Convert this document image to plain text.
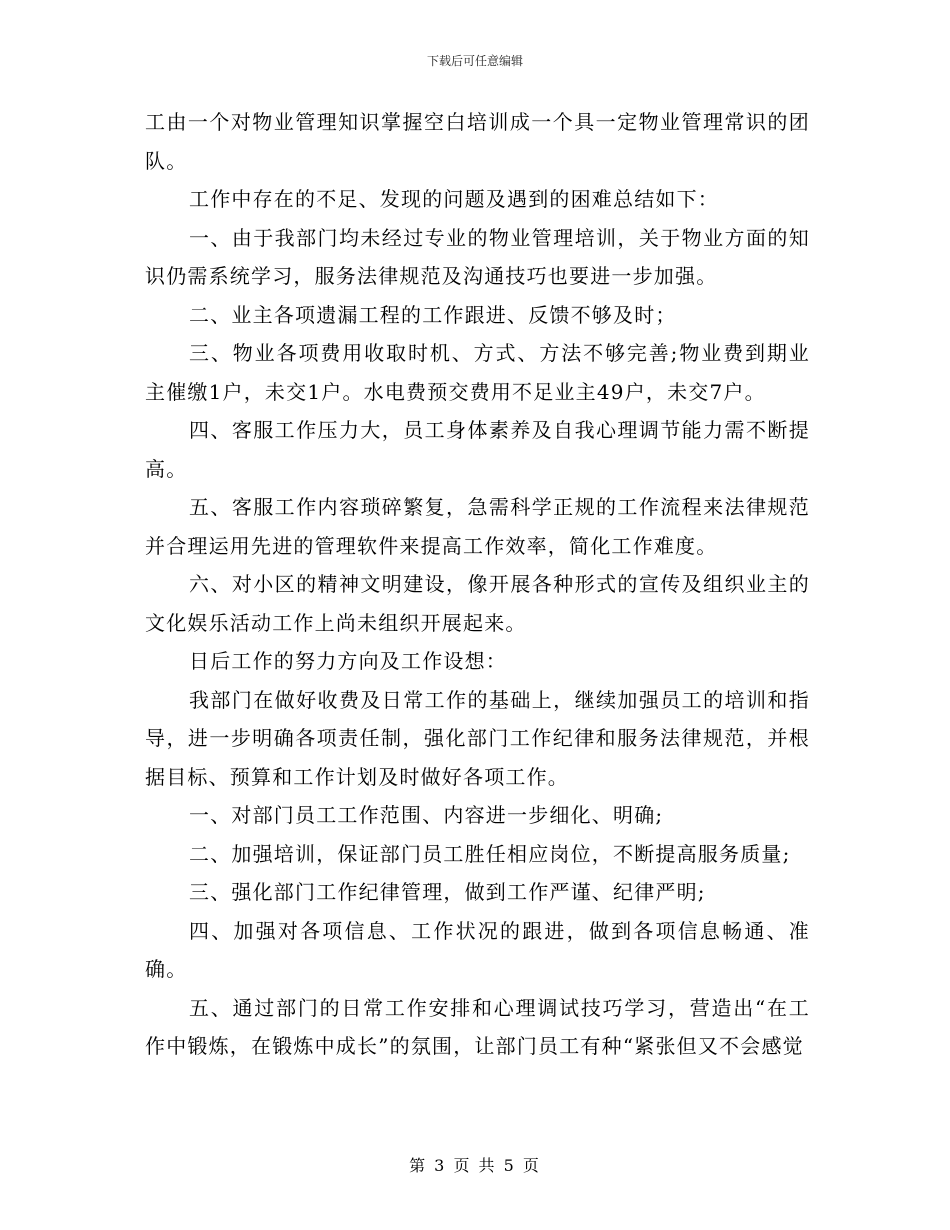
下载后可任意编辑

工由一个对物业管理知识掌握空白培训成一个具一定物业管理常识的团队。

工作中存在的不足、发现的问题及遇到的困难总结如下：

一、由于我部门均未经过专业的物业管理培训，关于物业方面的知识仍需系统学习，服务法律规范及沟通技巧也要进一步加强。

二、业主各项遗漏工程的工作跟进、反馈不够及时；

三、物业各项费用收取时机、方式、方法不够完善;物业费到期业主催缴1户，未交1户。水电费预交费用不足业主49户，未交7户。

四、客服工作压力大，员工身体素养及自我心理调节能力需不断提高。

五、客服工作内容琐碎繁复，急需科学正规的工作流程来法律规范并合理运用先进的管理软件来提高工作效率，简化工作难度。

六、对小区的精神文明建设，像开展各种形式的宣传及组织业主的文化娱乐活动工作上尚未组织开展起来。

日后工作的努力方向及工作设想：

我部门在做好收费及日常工作的基础上，继续加强员工的培训和指导，进一步明确各项责任制，强化部门工作纪律和服务法律规范，并根据目标、预算和工作计划及时做好各项工作。

一、对部门员工工作范围、内容进一步细化、明确;

二、加强培训，保证部门员工胜任相应岗位，不断提高服务质量;

三、强化部门工作纪律管理，做到工作严谨、纪律严明;

四、加强对各项信息、工作状况的跟进，做到各项信息畅通、准确。

五、通过部门的日常工作安排和心理调试技巧学习，营造出“在工作中锻炼，在锻炼中成长”的氛围，让部门员工有种“紧张但又不会感觉

第 3 页 共 5 页
